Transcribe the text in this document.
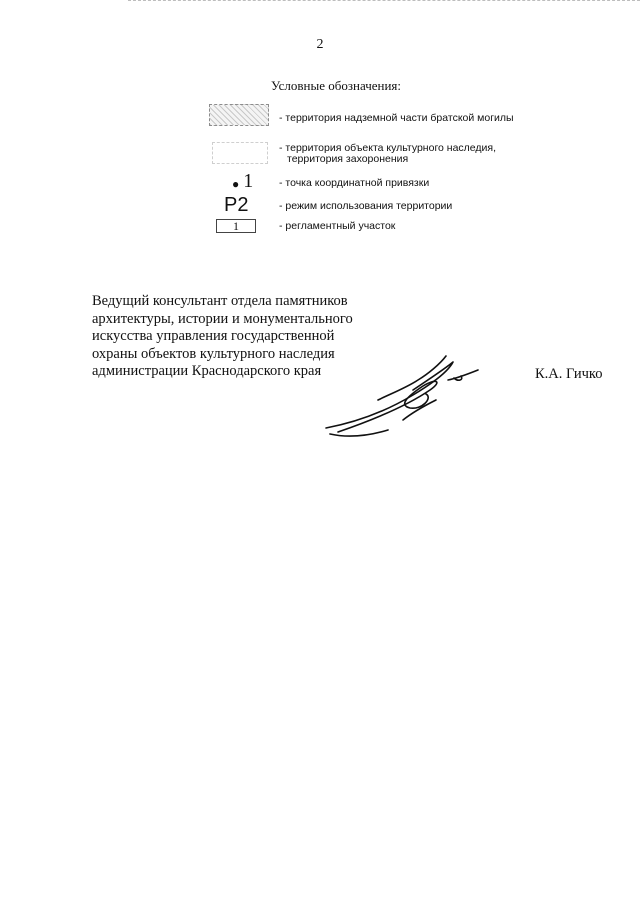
2
Условные обозначения:
- территория надземной части братской могилы
- территория объекта культурного наследия,
территория захоронения
● 1 - точка координатной привязки
Р2	- режим использования территории
1	- регламентный участок
Ведущий консультант отдела памятников
архитектуры, истории и монументального
искусства управления государственной
охраны объектов культурного наследия
администрации Краснодарского края	К.А. Гичко
